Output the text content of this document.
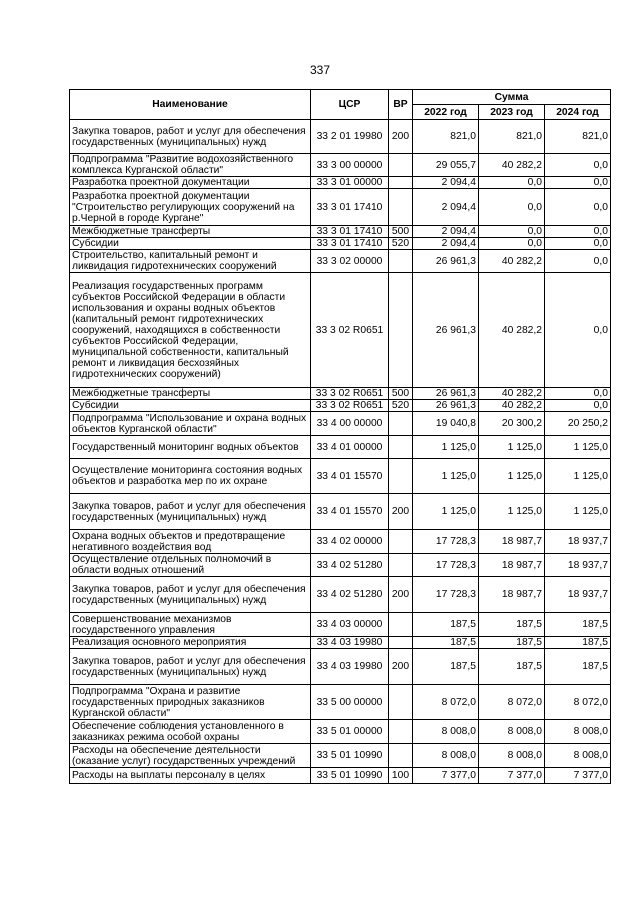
337
Наименование	ЦСР	ВР	Сумма		
			2022 год	2023 год	2024 год
Закупка товаров, работ и услуг для обеспечения государственных (муниципальных) нужд	33 2 01 19980	200	821,0	821,0	821,0
Подпрограмма "Развитие водохозяйственного комплекса Курганской области"	33 3 00 00000		29 055,7	40 282,2	0,0
Разработка проектной документации	33 3 01 00000		2 094,4	0,0	0,0
Разработка проектной документации "Строительство регулирующих сооружений на р.Черной в городе Кургане"	33 3 01 17410		2 094,4	0,0	0,0
Межбюджетные трансферты	33 3 01 17410	500	2 094,4	0,0	0,0
Субсидии	33 3 01 17410	520	2 094,4	0,0	0,0
Строительство, капитальный ремонт и ликвидация гидротехнических сооружений	33 3 02 00000		26 961,3	40 282,2	0,0
Реализация государственных программ субъектов Российской Федерации в области использования и охраны водных объектов (капитальный ремонт гидротехнических сооружений, находящихся в собственности субъектов Российской Федерации, муниципальной собственности, капитальный ремонт и ликвидация бесхозяйных гидротехнических сооружений)	33 3 02 R0651		26 961,3	40 282,2	0,0
Межбюджетные трансферты	33 3 02 R0651	500	26 961,3	40 282,2	0,0
Субсидии	33 3 02 R0651	520	26 961,3	40 282,2	0,0
Подпрограмма "Использование и охрана водных объектов Курганской области"	33 4 00 00000		19 040,8	20 300,2	20 250,2
Государственный мониторинг водных объектов	33 4 01 00000		1 125,0	1 125,0	1 125,0
Осуществление мониторинга состояния водных объектов и разработка мер по их охране	33 4 01 15570		1 125,0	1 125,0	1 125,0
Закупка товаров, работ и услуг для обеспечения государственных (муниципальных) нужд	33 4 01 15570	200	1 125,0	1 125,0	1 125,0
Охрана водных объектов и предотвращение негативного воздействия вод	33 4 02 00000		17 728,3	18 987,7	18 937,7
Осуществление отдельных полномочий в области водных отношений	33 4 02 51280		17 728,3	18 987,7	18 937,7
Закупка товаров, работ и услуг для обеспечения государственных (муниципальных) нужд	33 4 02 51280	200	17 728,3	18 987,7	18 937,7
Совершенствование механизмов государственного управления	33 4 03 00000		187,5	187,5	187,5
Реализация основного мероприятия	33 4 03 19980		187,5	187,5	187,5
Закупка товаров, работ и услуг для обеспечения государственных (муниципальных) нужд	33 4 03 19980	200	187,5	187,5	187,5
Подпрограмма "Охрана и развитие государственных природных заказников Курганской области"	33 5 00 00000		8 072,0	8 072,0	8 072,0
Обеспечение соблюдения установленного в заказниках режима особой охраны	33 5 01 00000		8 008,0	8 008,0	8 008,0
Расходы на обеспечение деятельности (оказание услуг) государственных учреждений	33 5 01 10990		8 008,0	8 008,0	8 008,0
Расходы на выплаты персоналу в целях	33 5 01 10990	100	7 377,0	7 377,0	7 377,0
